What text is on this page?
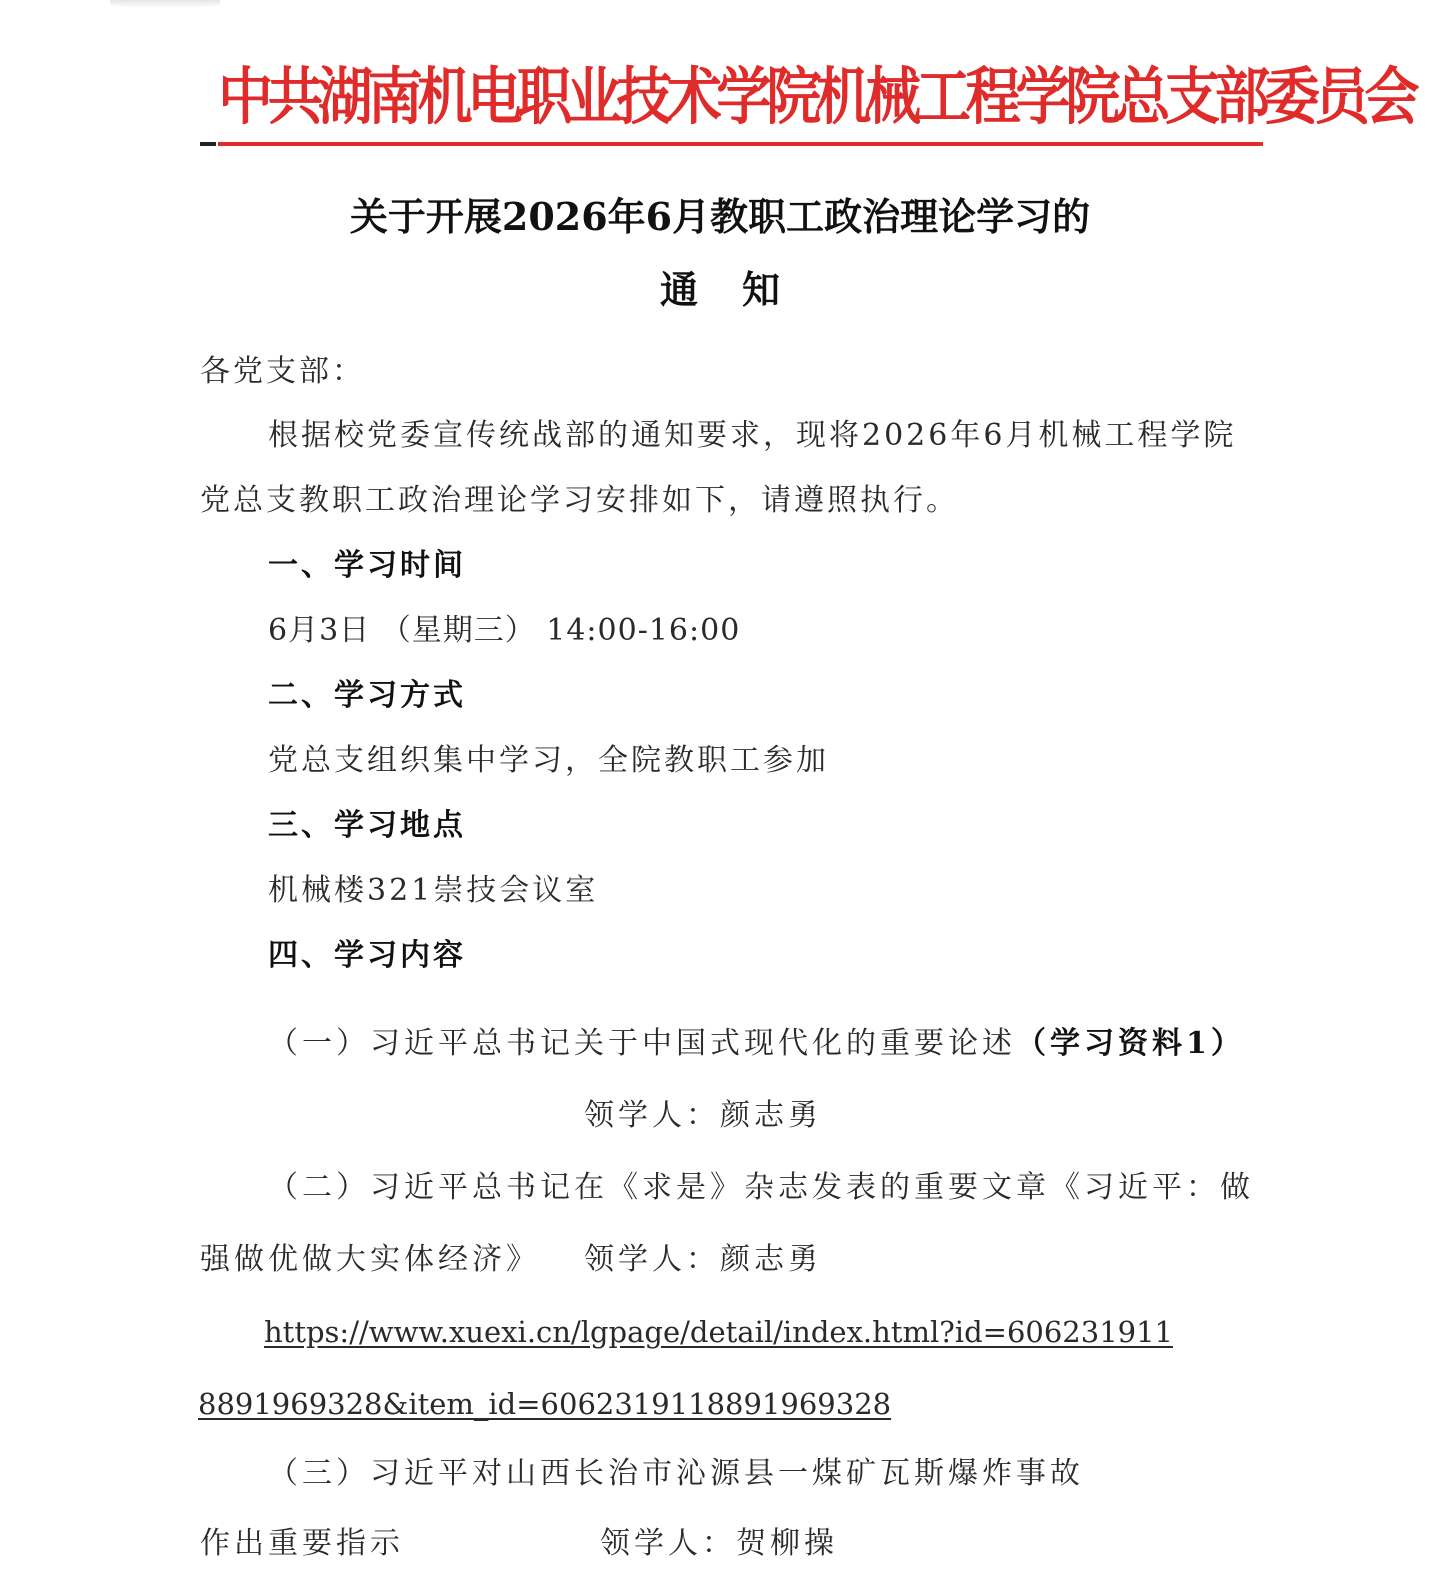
中共湖南机电职业技术学院机械工程学院总支部委员会
关于开展2026年6月教职工政治理论学习的
通知

各党支部：

根据校党委宣传统战部的通知要求，现将2026年6月机械工程学院

党总支教职工政治理论学习安排如下，请遵照执行。

一、学习时间

6月3日 （星期三） 14:00-16:00

二、学习方式

党总支组织集中学习，全院教职工参加

三、学习地点

机械楼321崇技会议室

四、学习内容

（一）习近平总书记关于中国式现代化的重要论述（学习资料1）

领学人：颜志勇

（二）习近平总书记在《求是》杂志发表的重要文章《习近平：做

强做优做大实体经济》 领学人：颜志勇

https://www.xuexi.cn/lgpage/detail/index.html?id=606231911

8891969328&item_id=6062319118891969328

（三）习近平对山西长治市沁源县一煤矿瓦斯爆炸事故

作出重要指示	领学人：贺柳操
